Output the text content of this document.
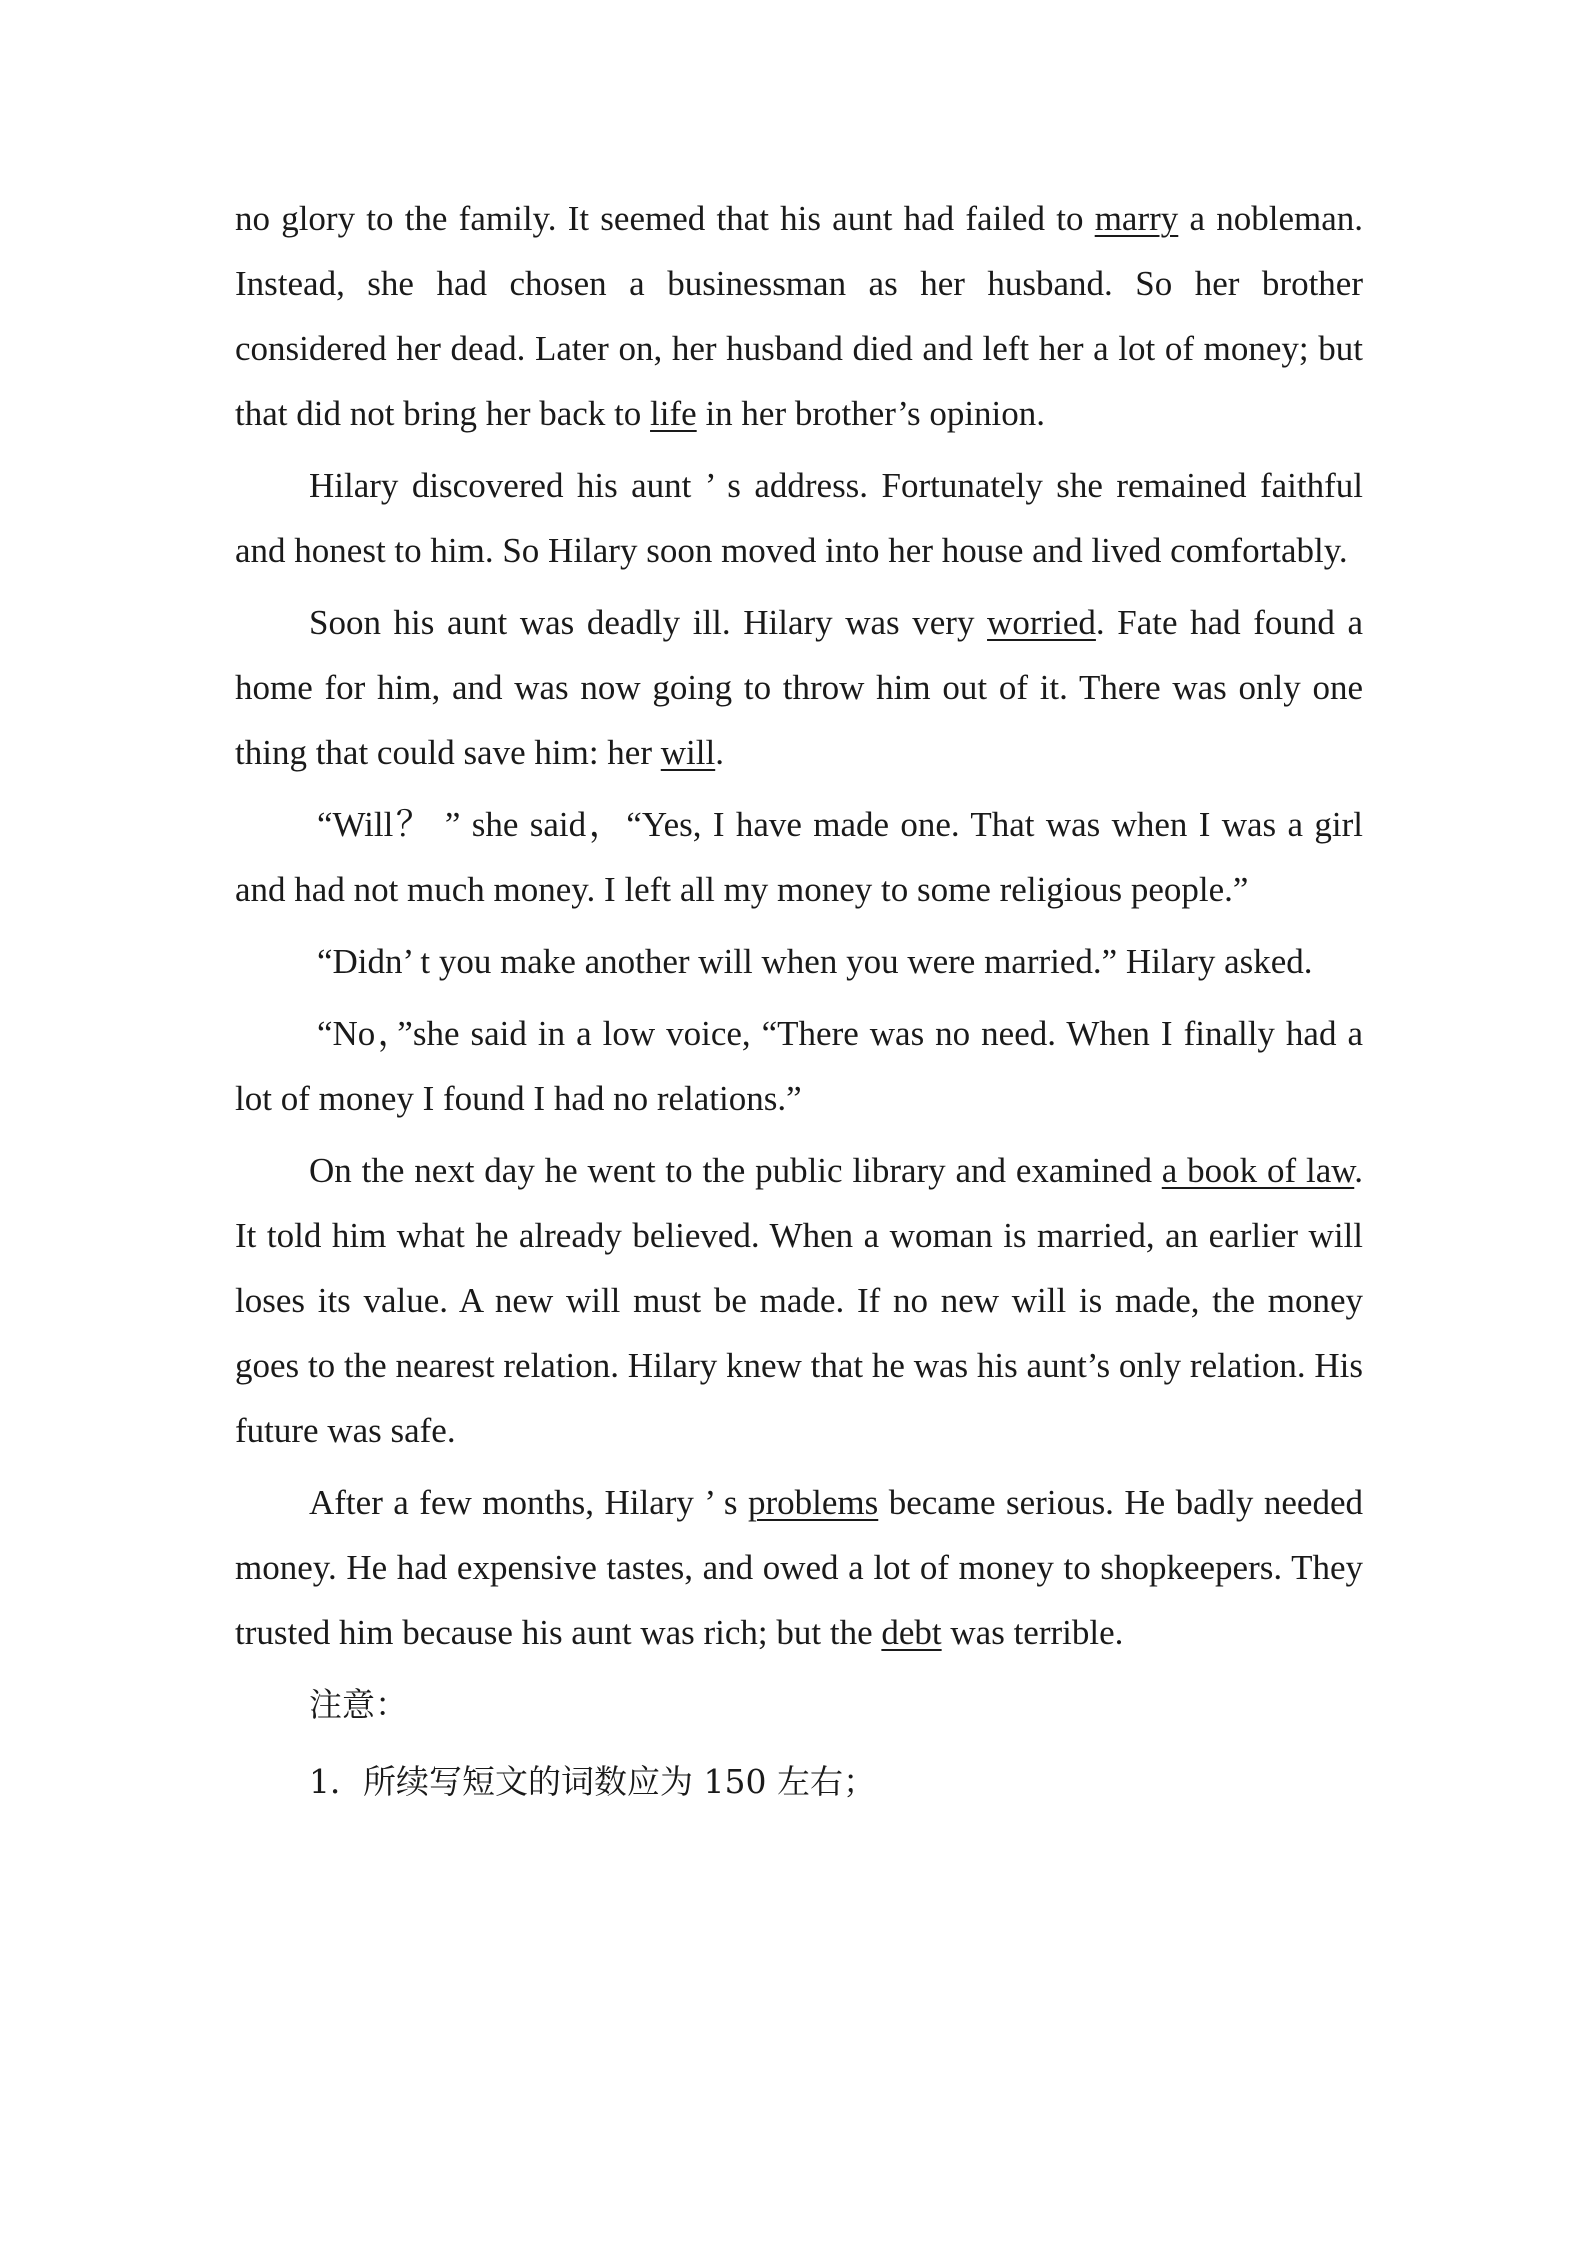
no glory to the family. It seemed that his aunt had failed to marry a nobleman. Instead, she had chosen a businessman as her husband. So her brother considered her dead. Later on, her husband died and left her a lot of money; but that did not bring her back to life in her brother’s opinion.

Hilary discovered his aunt ’ s address. Fortunately she remained faithful and honest to him. So Hilary soon moved into her house and lived comfortably.

Soon his aunt was deadly ill. Hilary was very worried. Fate had found a home for him, and was now going to throw him out of it. There was only one thing that could save him: her will.

“Will？ ” she said，“Yes, I have made one. That was when I was a girl and had not much money. I left all my money to some religious people.”

“Didn’ t you make another will when you were married.” Hilary asked.

“No，”she said in a low voice, “There was no need. When I finally had a lot of money I found I had no relations.”

On the next day he went to the public library and examined a book of law. It told him what he already believed. When a woman is married, an earlier will loses its value. A new will must be made. If no new will is made, the money goes to the nearest relation. Hilary knew that he was his aunt’s only relation. His future was safe.

After a few months, Hilary ’ s problems became serious. He badly needed money. He had expensive tastes, and owed a lot of money to shopkeepers. They trusted him because his aunt was rich; but the debt was terrible.

注意：

1．所续写短文的词数应为 150 左右；
